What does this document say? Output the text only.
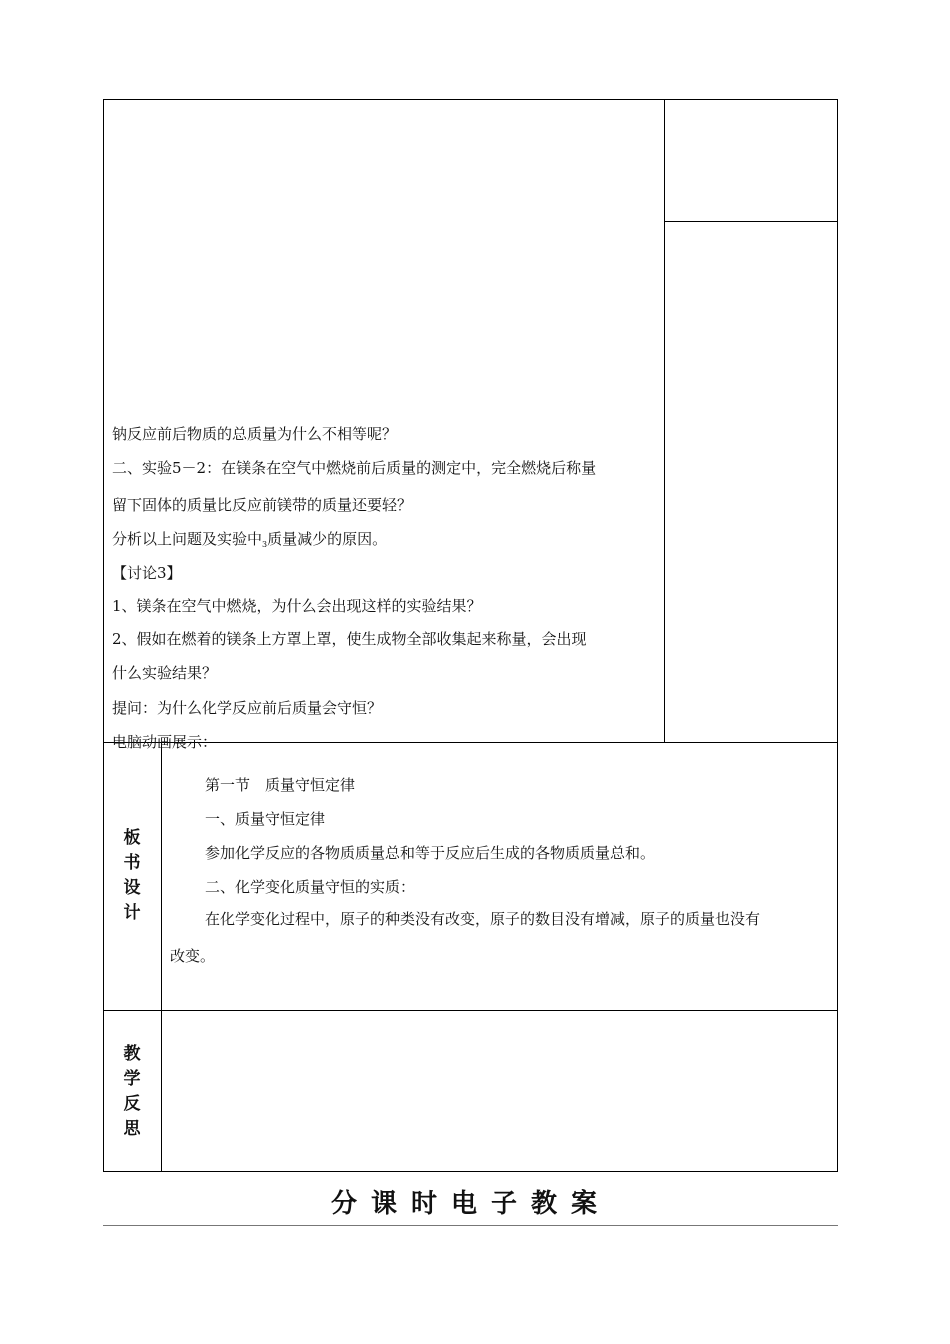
钠反应前后物质的总质量为什么不相等呢？
二、实验5－2：在镁条在空气中燃烧前后质量的测定中，完全燃烧后称量
留下固体的质量比反应前镁带的质量还要轻？
分析以上问题及实验中$_3$质量减少的原因。
【讨论3】
1、镁条在空气中燃烧，为什么会出现这样的实验结果？
2、假如在燃着的镁条上方罩上罩，使生成物全部收集起来称量，会出现
什么实验结果？
提问：为什么化学反应前后质量会守恒？
电脑动画展示：
板
书
设
计
第一节　质量守恒定律
一、质量守恒定律
参加化学反应的各物质质量总和等于反应后生成的各物质质量总和。
二、化学变化质量守恒的实质：
在化学变化过程中，原子的种类没有改变，原子的数目没有增减，原子的质量也没有
改变。
教
学
反
思
分课时电子教案
